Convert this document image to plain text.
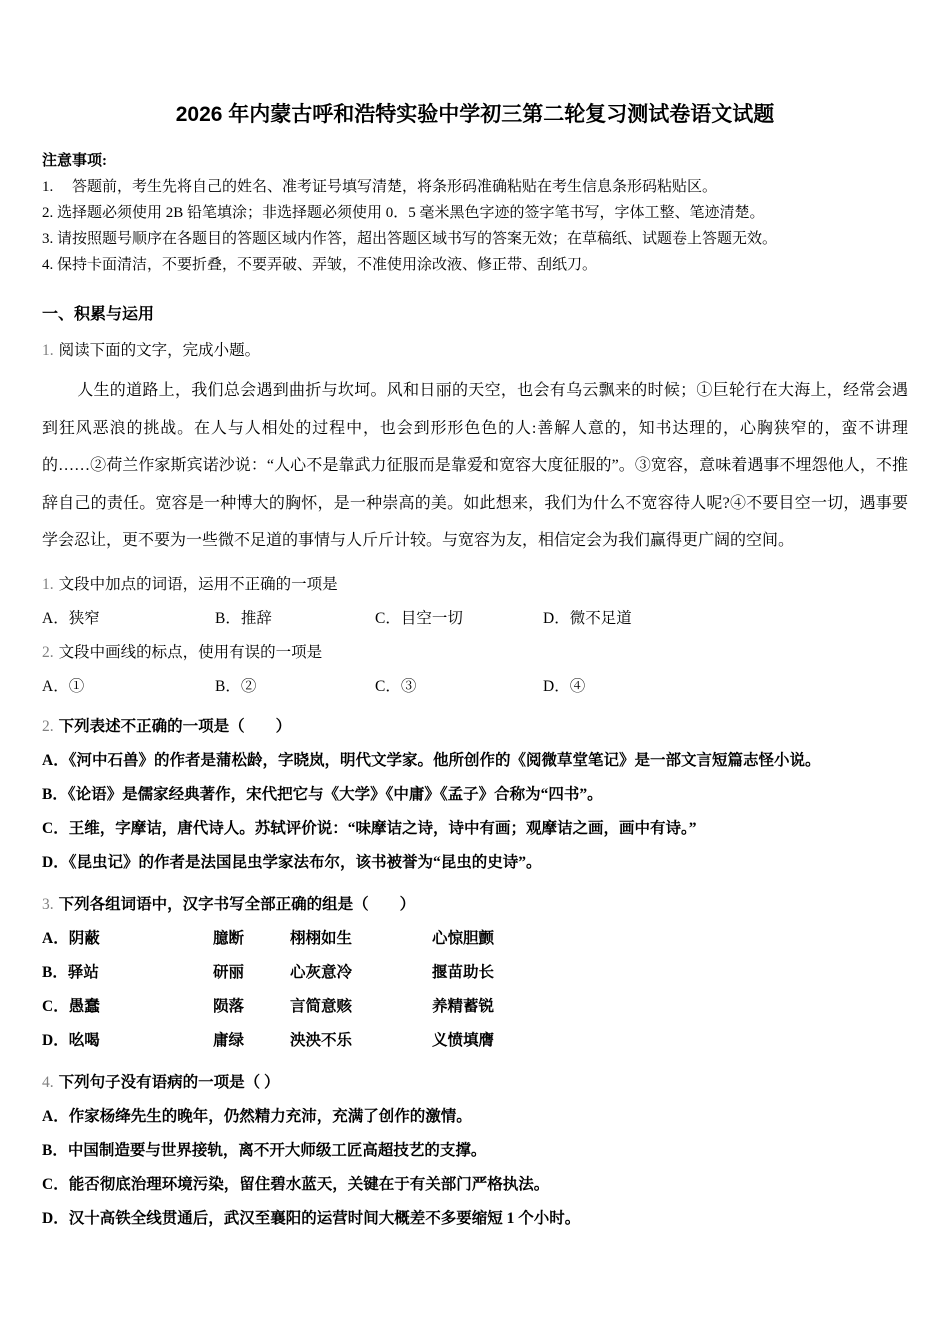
2026 年内蒙古呼和浩特实验中学初三第二轮复习测试卷语文试题
注意事项:
1.　 答题前，考生先将自己的姓名、准考证号填写清楚，将条形码准确粘贴在考生信息条形码粘贴区。
2. 选择题必须使用 2B 铅笔填涂；非选择题必须使用 0．5 毫米黑色字迹的签字笔书写，字体工整、笔迹清楚。
3. 请按照题号顺序在各题目的答题区域内作答，超出答题区域书写的答案无效；在草稿纸、试题卷上答题无效。
4. 保持卡面清洁，不要折叠，不要弄破、弄皱，不准使用涂改液、修正带、刮纸刀。
一、积累与运用
1. 阅读下面的文字，完成小题。

人生的道路上，我们总会遇到曲折与坎坷。风和日丽的天空，也会有乌云飘来的时候；①巨轮行在大海上，经常会遇到狂风恶浪的挑战。在人与人相处的过程中，也会到形形色色的人:善解人意的，知书达理的，心胸狭窄的，蛮不讲理的……②荷兰作家斯宾诺沙说：“人心不是靠武力征服而是靠爱和宽容大度征服的”。③宽容，意味着遇事不埋怨他人，不推辞自己的责任。宽容是一种博大的胸怀，是一种崇高的美。如此想来，我们为什么不宽容待人呢?④不要目空一切，遇事要学会忍让，更不要为一些微不足道的事情与人斤斤计较。与宽容为友，相信定会为我们赢得更广阔的空间。

1. 文段中加点的词语，运用不正确的一项是
A．狭窄	B．推辞	C．目空一切	D．微不足道
2. 文段中画线的标点，使用有误的一项是
A．①	B．②	C．③	D．④
2. 下列表述不正确的一项是（　　）
A．《河中石兽》的作者是蒲松龄，字晓岚，明代文学家。他所创作的《阅微草堂笔记》是一部文言短篇志怪小说。
B．《论语》是儒家经典著作，宋代把它与《大学》《中庸》《孟子》合称为“四书”。
C．王维，字摩诘，唐代诗人。苏轼评价说：“味摩诘之诗，诗中有画；观摩诘之画，画中有诗。”
D．《昆虫记》的作者是法国昆虫学家法布尔，该书被誉为“昆虫的史诗”。
3. 下列各组词语中，汉字书写全部正确的组是（　　）
A．阴蔽	臆断	栩栩如生	心惊胆颤
B．驿站	研丽	心灰意冷	揠苗助长
C．愚蠢	陨落	言简意赅	养精蓄锐
D．吆喝	庸绿	泱泱不乐	义愤填膺
4. 下列句子没有语病的一项是（ ）
A．作家杨绛先生的晚年，仍然精力充沛，充满了创作的激情。
B．中国制造要与世界接轨，离不开大师级工匠高超技艺的支撑。
C．能否彻底治理环境污染，留住碧水蓝天，关键在于有关部门严格执法。
D．汉十高铁全线贯通后，武汉至襄阳的运营时间大概差不多要缩短 1 个小时。
